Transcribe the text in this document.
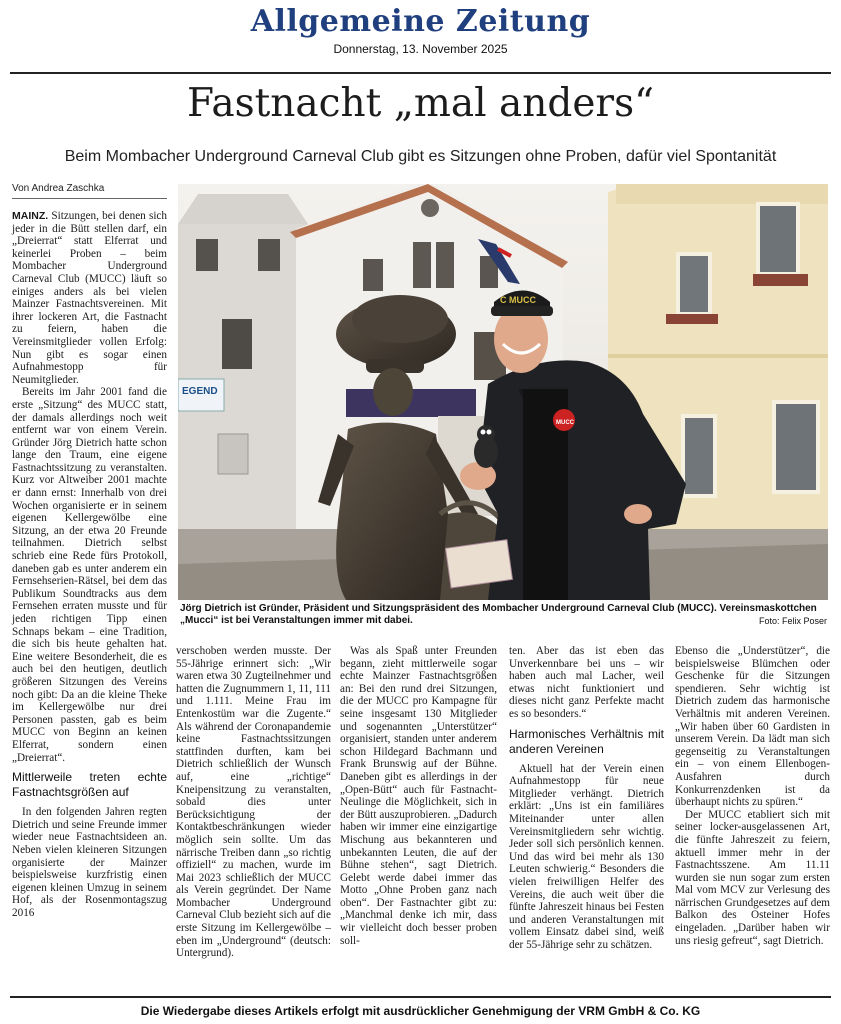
Allgemeine Zeitung
Donnerstag, 13. November 2025
Fastnacht „mal anders“
Beim Mombacher Underground Carneval Club gibt es Sitzungen ohne Proben, dafür viel Spontanität
Von Andrea Zaschka
EGEND
MUCC
C MUCC
Jörg Dietrich ist Gründer, Präsident und Sitzungspräsident des Mombacher Underground Carneval Club (MUCC). Vereinsmaskottchen „Mucci“ ist bei Veranstaltungen immer mit dabei.	Foto: Felix Poser

MAINZ. Sitzungen, bei denen sich jeder in die Bütt stellen darf, ein „Dreierrat“ statt Elferrat und keinerlei Proben – beim Mombacher Underground Carneval Club (MUCC) läuft so einiges anders als bei vielen Mainzer Fastnachtsvereinen. Mit ihrer lockeren Art, die Fastnacht zu feiern, haben die Vereinsmitglieder vollen Erfolg: Nun gibt es sogar einen Aufnahmestopp für Neumitglieder.

Bereits im Jahr 2001 fand die erste „Sitzung“ des MUCC statt, der damals allerdings noch weit entfernt war von einem Verein. Gründer Jörg Dietrich hatte schon lange den Traum, eine eigene Fastnachtssitzung zu veranstalten. Kurz vor Altweiber 2001 machte er dann ernst: Innerhalb von drei Wochen organisierte er in seinem eigenen Kellergewölbe eine Sitzung, an der etwa 20 Freunde teilnahmen. Dietrich selbst schrieb eine Rede fürs Protokoll, daneben gab es unter anderem ein Fernsehserien-Rätsel, bei dem das Publikum Soundtracks aus dem Fernsehen erraten musste und für jeden richtigen Tipp einen Schnaps bekam – eine Tradition, die sich bis heute gehalten hat. Eine weitere Besonderheit, die es auch bei den heutigen, deutlich größeren Sitzungen des Vereins noch gibt: Da an die kleine Theke im Kellergewölbe nur drei Personen passten, gab es beim MUCC von Beginn an keinen Elferrat, sondern einen „Dreierrat“.

Mittlerweile treten echte Fastnachtsgrößen auf

In den folgenden Jahren regten Dietrich und seine Freunde immer wieder neue Fastnachtsideen an. Neben vielen kleineren Sitzungen organisierte der Mainzer beispielsweise kurzfristig einen eigenen kleinen Umzug in seinem Hof, als der Rosenmontagszug 2016

verschoben werden musste. Der 55-Jährige erinnert sich: „Wir waren etwa 30 Zugteilnehmer und hatten die Zugnummern 1, 11, 111 und 1.111. Meine Frau im Entenkostüm war die Zugente.“ Als während der Coronapandemie keine Fastnachtssitzungen stattfinden durften, kam bei Dietrich schließlich der Wunsch auf, eine „richtige“ Kneipensitzung zu veranstalten, sobald dies unter Berücksichtigung der Kontaktbeschränkungen wieder möglich sein sollte. Um das närrische Treiben dann „so richtig offiziell“ zu machen, wurde im Mai 2023 schließlich der MUCC als Verein gegründet. Der Name Mombacher Underground Carneval Club bezieht sich auf die erste Sitzung im Kellergewölbe – eben im „Underground“ (deutsch: Untergrund).

Was als Spaß unter Freunden begann, zieht mittlerweile sogar echte Mainzer Fastnachtsgrößen an: Bei den rund drei Sitzungen, die der MUCC pro Kampagne für seine insgesamt 130 Mitglieder und sogenannten „Unterstützer“ organisiert, standen unter anderem schon Hildegard Bachmann und Frank Brunswig auf der Bühne. Daneben gibt es allerdings in der „Open-Bütt“ auch für Fastnacht-Neulinge die Möglichkeit, sich in der Bütt auszuprobieren. „Dadurch haben wir immer eine einzigartige Mischung aus bekannteren und unbekannten Leuten, die auf der Bühne stehen“, sagt Dietrich. Gelebt werde dabei immer das Motto „Ohne Proben ganz nach oben“. Der Fastnachter gibt zu: „Manchmal denke ich mir, dass wir vielleicht doch besser proben soll-

ten. Aber das ist eben das Unverkennbare bei uns – wir haben auch mal Lacher, weil etwas nicht funktioniert und dieses nicht ganz Perfekte macht es so besonders.“

Harmonisches Verhältnis mit anderen Vereinen

Aktuell hat der Verein einen Aufnahmestopp für neue Mitglieder verhängt. Dietrich erklärt: „Uns ist ein familiäres Miteinander unter allen Vereinsmitgliedern sehr wichtig. Jeder soll sich persönlich kennen. Und das wird bei mehr als 130 Leuten schwierig.“ Besonders die vielen freiwilligen Helfer des Vereins, die auch weit über die fünfte Jahreszeit hinaus bei Festen und anderen Veranstaltungen mit vollem Einsatz dabei sind, weiß der 55-Jährige sehr zu schätzen.

Ebenso die „Understützer“, die beispielsweise Blümchen oder Geschenke für die Sitzungen spendieren. Sehr wichtig ist Dietrich zudem das harmonische Verhältnis mit anderen Vereinen. „Wir haben über 60 Gardisten in unserem Verein. Da lädt man sich gegenseitig zu Veranstaltungen ein – von einem Ellenbogen-Ausfahren durch Konkurrenzdenken ist da überhaupt nichts zu spüren.“

Der MUCC etabliert sich mit seiner locker-ausgelassenen Art, die fünfte Jahreszeit zu feiern, aktuell immer mehr in der Fastnachtsszene. Am 11.11 wurden sie nun sogar zum ersten Mal vom MCV zur Verlesung des närrischen Grundgesetzes auf dem Balkon des Osteiner Hofes eingeladen. „Darüber haben wir uns riesig gefreut“, sagt Dietrich.

Die Wiedergabe dieses Artikels erfolgt mit ausdrücklicher Genehmigung der VRM GmbH & Co. KG
